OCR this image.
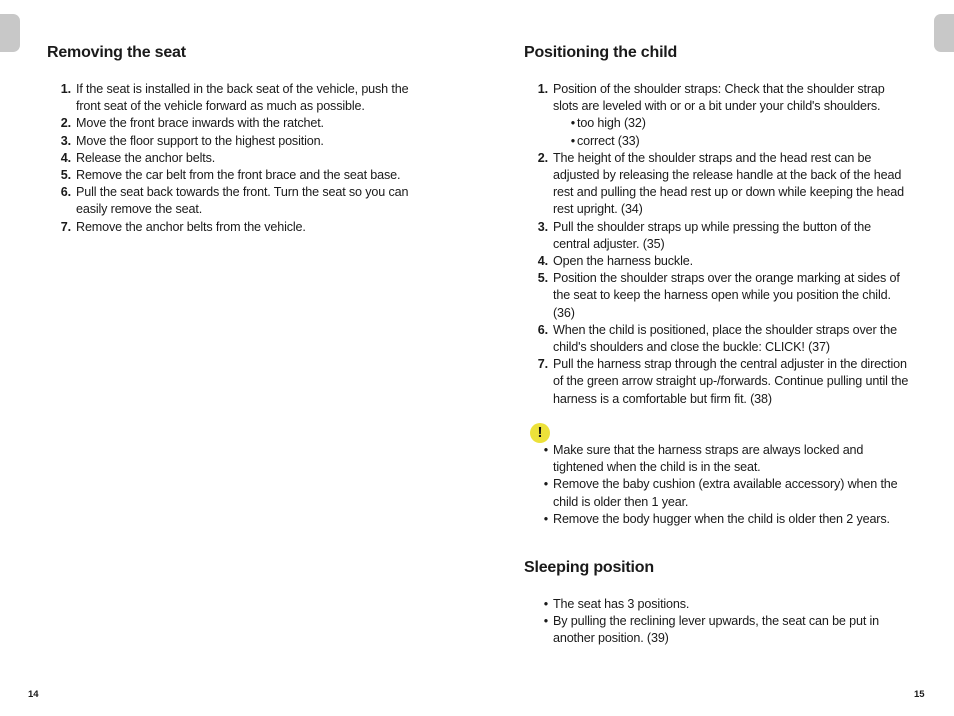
Removing the seat
1. If the seat is installed in the back seat of the vehicle, push the front seat of the vehicle forward as much as possible.
2. Move the front brace inwards with the ratchet.
3. Move the floor support to the highest position.
4. Release the anchor belts.
5. Remove the car belt from the front brace and the seat base.
6. Pull the seat back towards the front. Turn the seat so you can easily remove the seat.
7. Remove the anchor belts from the vehicle.
Positioning the child
1. Position of the shoulder straps: Check that the shoulder strap slots are leveled with or or a bit under your child's shoulders.
• too high (32)
• correct (33)
2. The height of the shoulder straps and the head rest can be adjusted by releasing the release handle at the back of the head rest and pulling the head rest up or down while keeping the head rest upright. (34)
3. Pull the shoulder straps up while pressing the button of the central adjuster. (35)
4. Open the harness buckle.
5. Position the shoulder straps over the orange marking at sides of the seat to keep the harness open while you position the child. (36)
6. When the child is positioned, place the shoulder straps over the child's shoulders and close the buckle: CLICK! (37)
7. Pull the harness strap through the central adjuster in the direction of the green arrow straight up-/forwards. Continue pulling until the harness is a comfortable but firm fit. (38)
!
• Make sure that the harness straps are always locked and tightened when the child is in the seat.
• Remove the baby cushion (extra available accessory) when the child is older then 1 year.
• Remove the body hugger when the child is older then 2 years.
Sleeping position
• The seat has 3 positions.
• By pulling the reclining lever upwards, the seat can be put in another position. (39)
14	15
